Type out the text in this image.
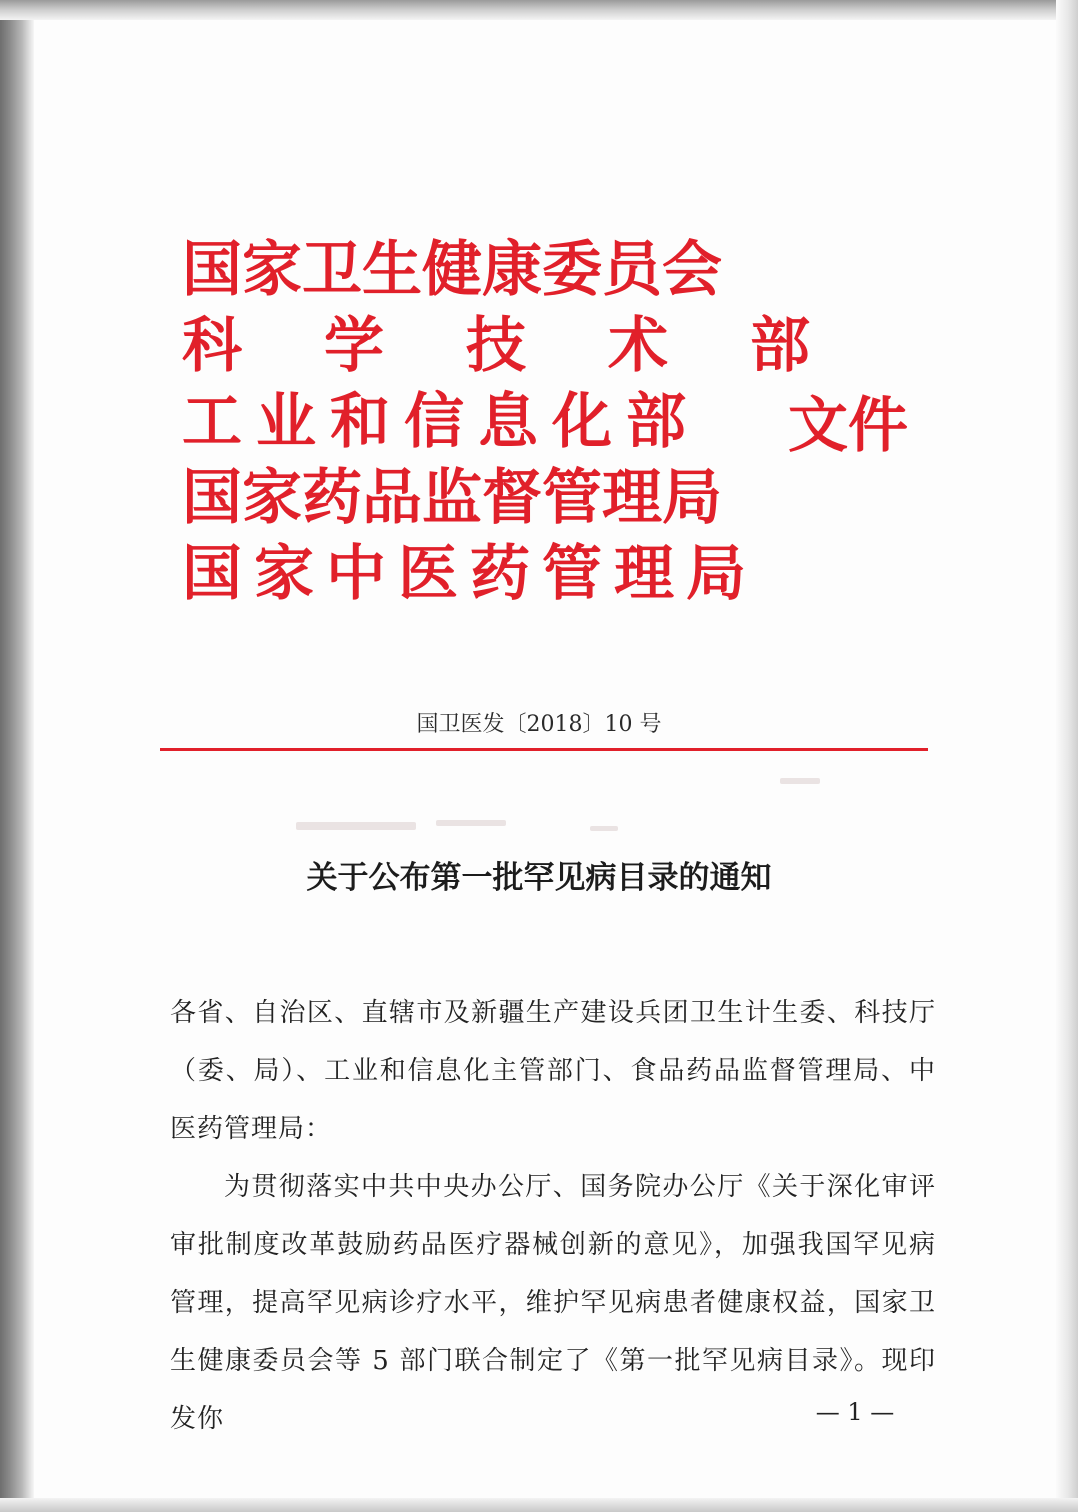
国家卫生健康委员会
科学技术部
工业和信息化部
国家药品监督管理局
国家中医药管理局
文件
国卫医发〔2018〕10 号
关于公布第一批罕见病目录的通知

各省、自治区、直辖市及新疆生产建设兵团卫生计生委、科技厅（委、局）、工业和信息化主管部门、食品药品监督管理局、中医药管理局：

为贯彻落实中共中央办公厅、国务院办公厅《关于深化审评审批制度改革鼓励药品医疗器械创新的意见》，加强我国罕见病管理，提高罕见病诊疗水平，维护罕见病患者健康权益，国家卫生健康委员会等 5 部门联合制定了《第一批罕见病目录》。现印发你	— 1 —
